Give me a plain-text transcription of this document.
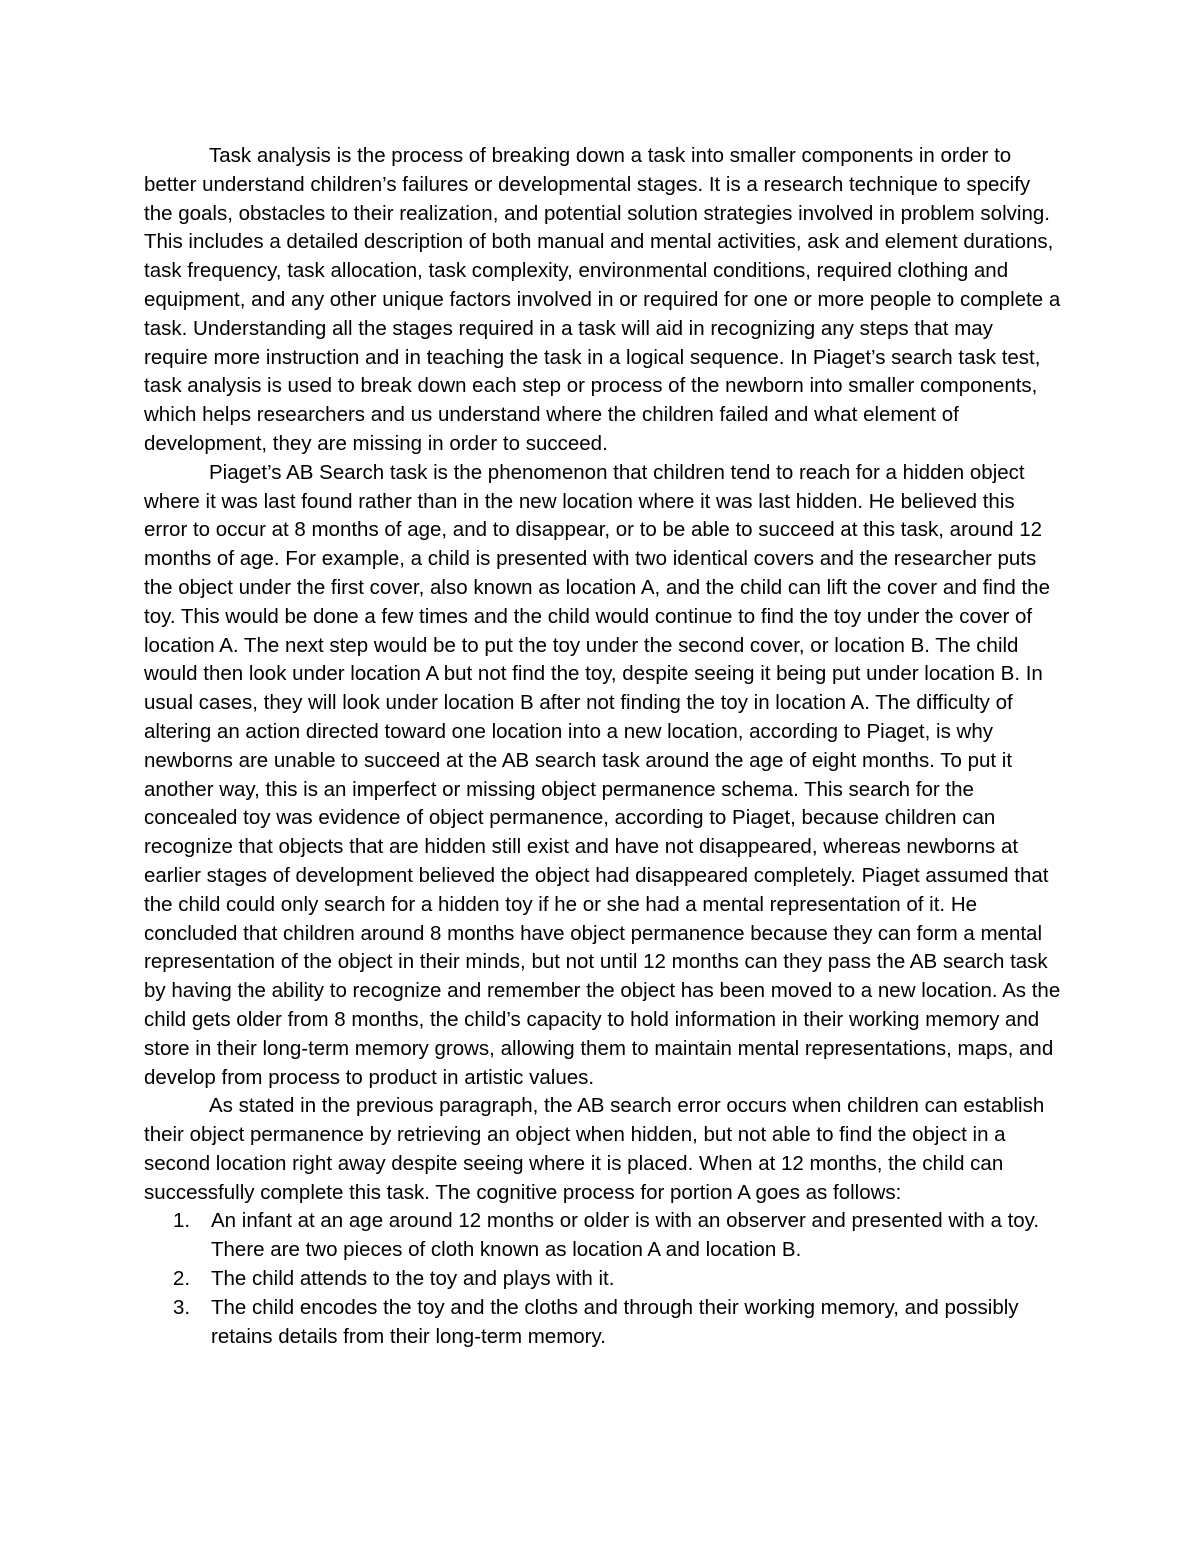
Task analysis is the process of breaking down a task into smaller components in order to better understand children’s failures or developmental stages. It is a research technique to specify the goals, obstacles to their realization, and potential solution strategies involved in problem solving. This includes a detailed description of both manual and mental activities, ask and element durations, task frequency, task allocation, task complexity, environmental conditions, required clothing and equipment, and any other unique factors involved in or required for one or more people to complete a task. Understanding all the stages required in a task will aid in recognizing any steps that may require more instruction and in teaching the task in a logical sequence. In Piaget’s search task test, task analysis is used to break down each step or process of the newborn into smaller components, which helps researchers and us understand where the children failed and what element of development, they are missing in order to succeed.

Piaget’s AB Search task is the phenomenon that children tend to reach for a hidden object where it was last found rather than in the new location where it was last hidden. He believed this error to occur at 8 months of age, and to disappear, or to be able to succeed at this task, around 12 months of age. For example, a child is presented with two identical covers and the researcher puts the object under the first cover, also known as location A, and the child can lift the cover and find the toy. This would be done a few times and the child would continue to find the toy under the cover of location A. The next step would be to put the toy under the second cover, or location B. The child would then look under location A but not find the toy, despite seeing it being put under location B. In usual cases, they will look under location B after not finding the toy in location A. The difficulty of altering an action directed toward one location into a new location, according to Piaget, is why newborns are unable to succeed at the AB search task around the age of eight months. To put it another way, this is an imperfect or missing object permanence schema. This search for the concealed toy was evidence of object permanence, according to Piaget, because children can recognize that objects that are hidden still exist and have not disappeared, whereas newborns at earlier stages of development believed the object had disappeared completely. Piaget assumed that the child could only search for a hidden toy if he or she had a mental representation of it. He concluded that children around 8 months have object permanence because they can form a mental representation of the object in their minds, but not until 12 months can they pass the AB search task by having the ability to recognize and remember the object has been moved to a new location. As the child gets older from 8 months, the child’s capacity to hold information in their working memory and store in their long-term memory grows, allowing them to maintain mental representations, maps, and develop from process to product in artistic values.

As stated in the previous paragraph, the AB search error occurs when children can establish their object permanence by retrieving an object when hidden, but not able to find the object in a second location right away despite seeing where it is placed. When at 12 months, the child can successfully complete this task. The cognitive process for portion A goes as follows:

1. An infant at an age around 12 months or older is with an observer and presented with a toy. There are two pieces of cloth known as location A and location B.
2. The child attends to the toy and plays with it.
3. The child encodes the toy and the cloths and through their working memory, and possibly retains details from their long-term memory.
